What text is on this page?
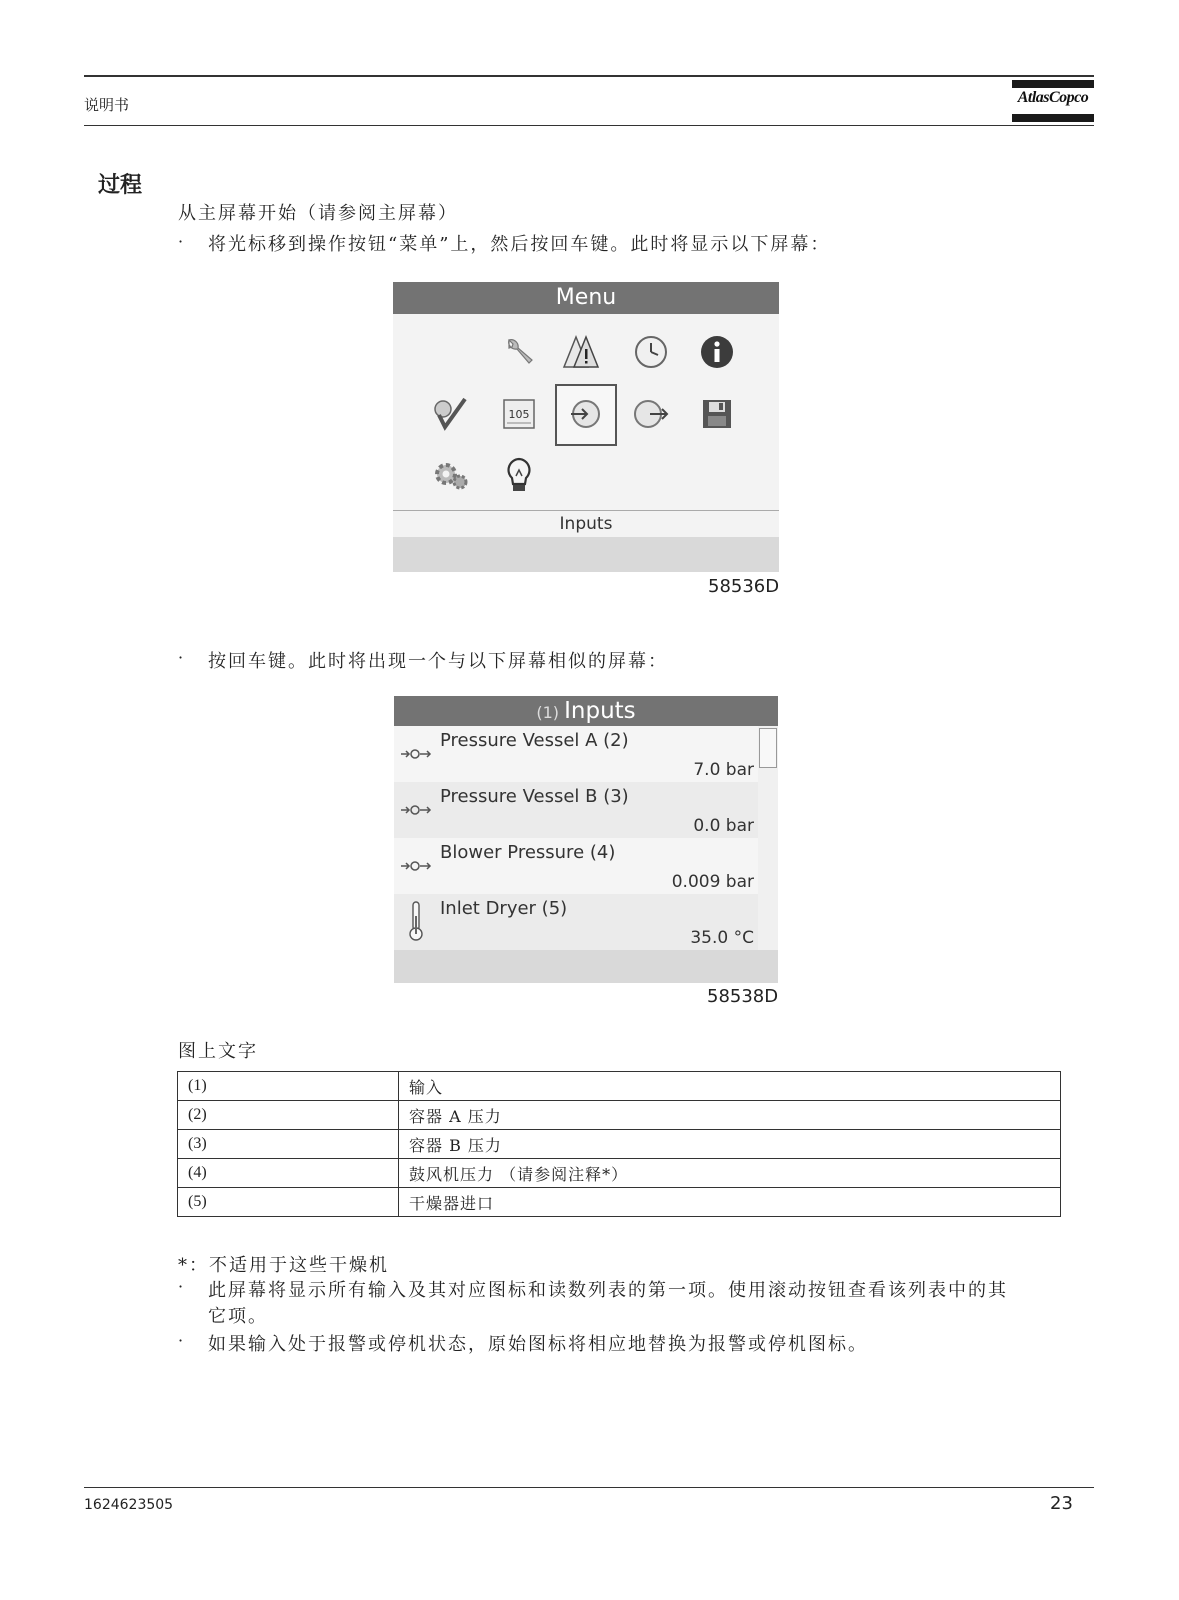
说明书	AtlasCopco
过程
从主屏幕开始（请参阅主屏幕）
· 将光标移到操作按钮“菜单”上，然后按回车键。此时将显示以下屏幕：
Menu
105
Inputs
58536D
· 按回车键。此时将出现一个与以下屏幕相似的屏幕：
(1) Inputs
Pressure Vessel A (2)
7.0 bar
Pressure Vessel B (3)
0.0 bar
Blower Pressure (4)
0.009 bar
Inlet Dryer (5)
35.0 °C
58538D
图上文字
(1)	输入
(2)	容器 A 压力
(3)	容器 B 压力
(4)	鼓风机压力 （请参阅注释*）
(5)	干燥器进口
*：不适用于这些干燥机
· 此屏幕将显示所有输入及其对应图标和读数列表的第一项。使用滚动按钮查看该列表中的其
它项。
· 如果输入处于报警或停机状态，原始图标将相应地替换为报警或停机图标。
1624623505	23
